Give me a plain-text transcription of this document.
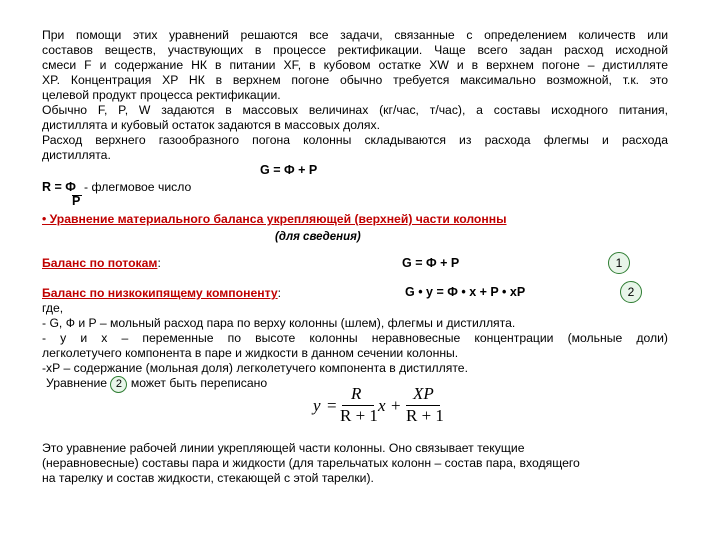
При помощи этих уравнений решаются все задачи, связанные с определением количеств или
составов веществ, участвующих в процессе ректификации. Чаще всего задан расход исходной
смеси F и содержание НК в питании XF, в кубовом остатке XW и в верхнем погоне – дистилляте
XP. Концентрация XP НК в верхнем погоне обычно требуется максимально возможной, т.к. это
целевой продукт процесса ректификации.
Обычно F, P, W задаются в массовых величинах (кг/час, т/час), а составы исходного питания,
дистиллята и кубовый остаток задаются в массовых долях.
Расход верхнего газообразного погона колонны складываются из расхода флегмы и расхода
дистиллята.
G = Ф + P
R = Ф
P
- флегмовое число
• Уравнение материального баланса укрепляющей (верхней) части колонны
(для сведения)
Баланс по потокам:	G = Ф + P	1
Баланс по низкокипящему компоненту:	G • y = Ф • x + P • xP	2
где,
- G, Ф и P – мольный расход пара по верху колонны (шлем), флегмы и дистиллята.
- y и x – переменные по высоте колонны неравновесные концентрации (мольные доли)
легколетучего компонента в паре и жидкости в данном сечении колонны.
-xP – содержание (мольная доля) легколетучего компонента в дистилляте.
Уравнение 2 может быть переписано
y =
R
R + 1
x +
XP
R + 1
Это уравнение рабочей линии укрепляющей части колонны. Оно связывает текущие
(неравновесные) составы пара и жидкости (для тарельчатых колонн – состав пара, входящего
на тарелку и состав жидкости, стекающей с этой тарелки).
